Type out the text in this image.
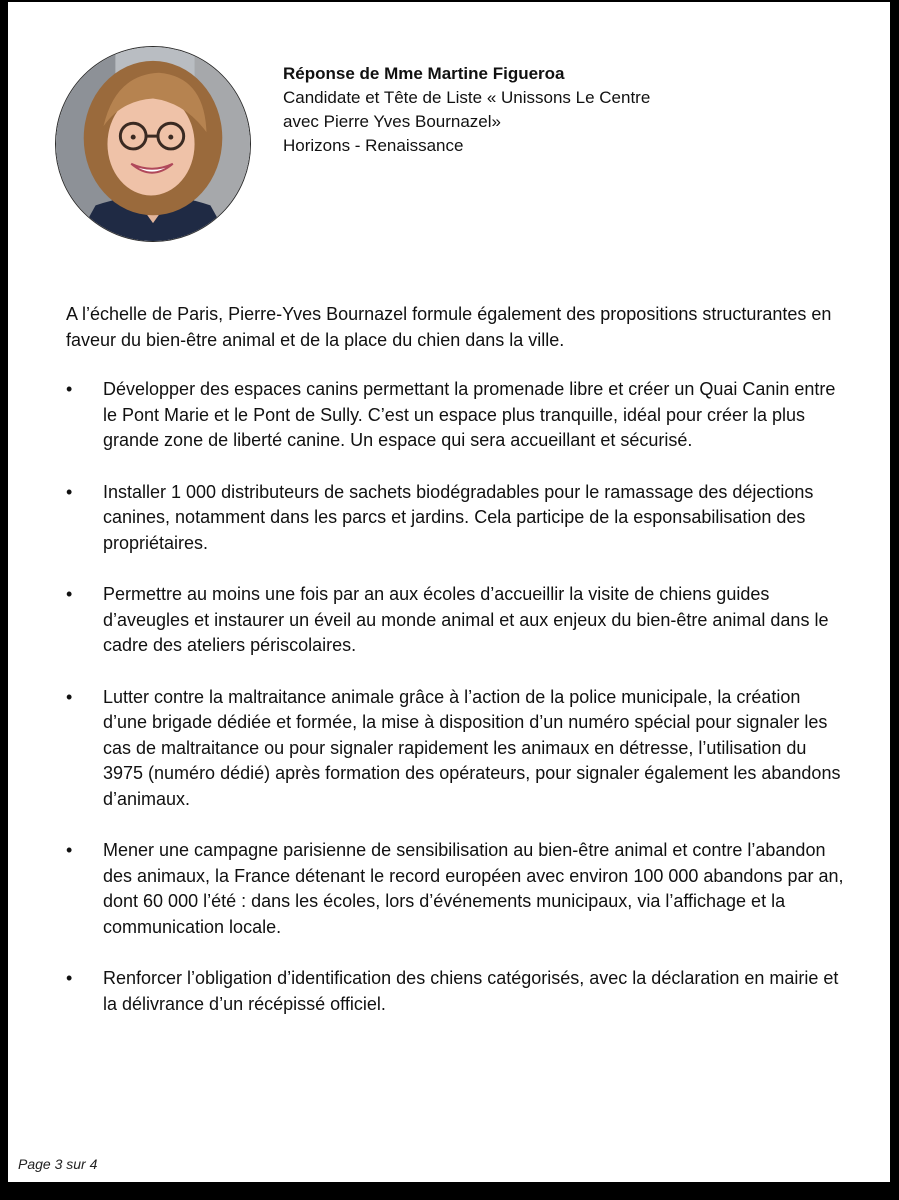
Réponse de Mme Martine Figueroa
Candidate et Tête de Liste « Unissons Le Centre
avec Pierre Yves Bournazel»
Horizons - Renaissance

A l’échelle de Paris, Pierre-Yves Bournazel formule également des propositions structurantes en faveur du bien-être animal et de la place du chien dans la ville.

•	Développer des espaces canins permettant la promenade libre et créer un Quai Canin entre le Pont Marie et le Pont de Sully. C’est un espace plus tranquille, idéal pour créer la plus grande zone de liberté canine. Un espace qui sera accueillant et sécurisé.
•	Installer 1 000 distributeurs de sachets biodégradables pour le ramassage des déjections canines, notamment dans les parcs et jardins. Cela participe de la esponsabilisation des propriétaires.
•	Permettre au moins une fois par an aux écoles d’accueillir la visite de chiens guides d’aveugles et instaurer un éveil au monde animal et aux enjeux du bien-être animal dans le cadre des ateliers périscolaires.
•	Lutter contre la maltraitance animale grâce à l’action de la police municipale, la création d’une brigade dédiée et formée, la mise à disposition d’un numéro spécial pour signaler les cas de maltraitance ou pour signaler rapidement les animaux en détresse, l’utilisation du 3975 (numéro dédié) après formation des opérateurs, pour signaler également les abandons d’animaux.
•	Mener une campagne parisienne de sensibilisation au bien-être animal et contre l’abandon des animaux, la France détenant le record européen avec environ 100 000 abandons par an, dont 60 000 l’été : dans les écoles, lors d’événements municipaux, via l’affichage et la communication locale.
•	Renforcer l’obligation d’identification des chiens catégorisés, avec la déclaration en mairie et la délivrance d’un récépissé officiel.
Page 3 sur 4
